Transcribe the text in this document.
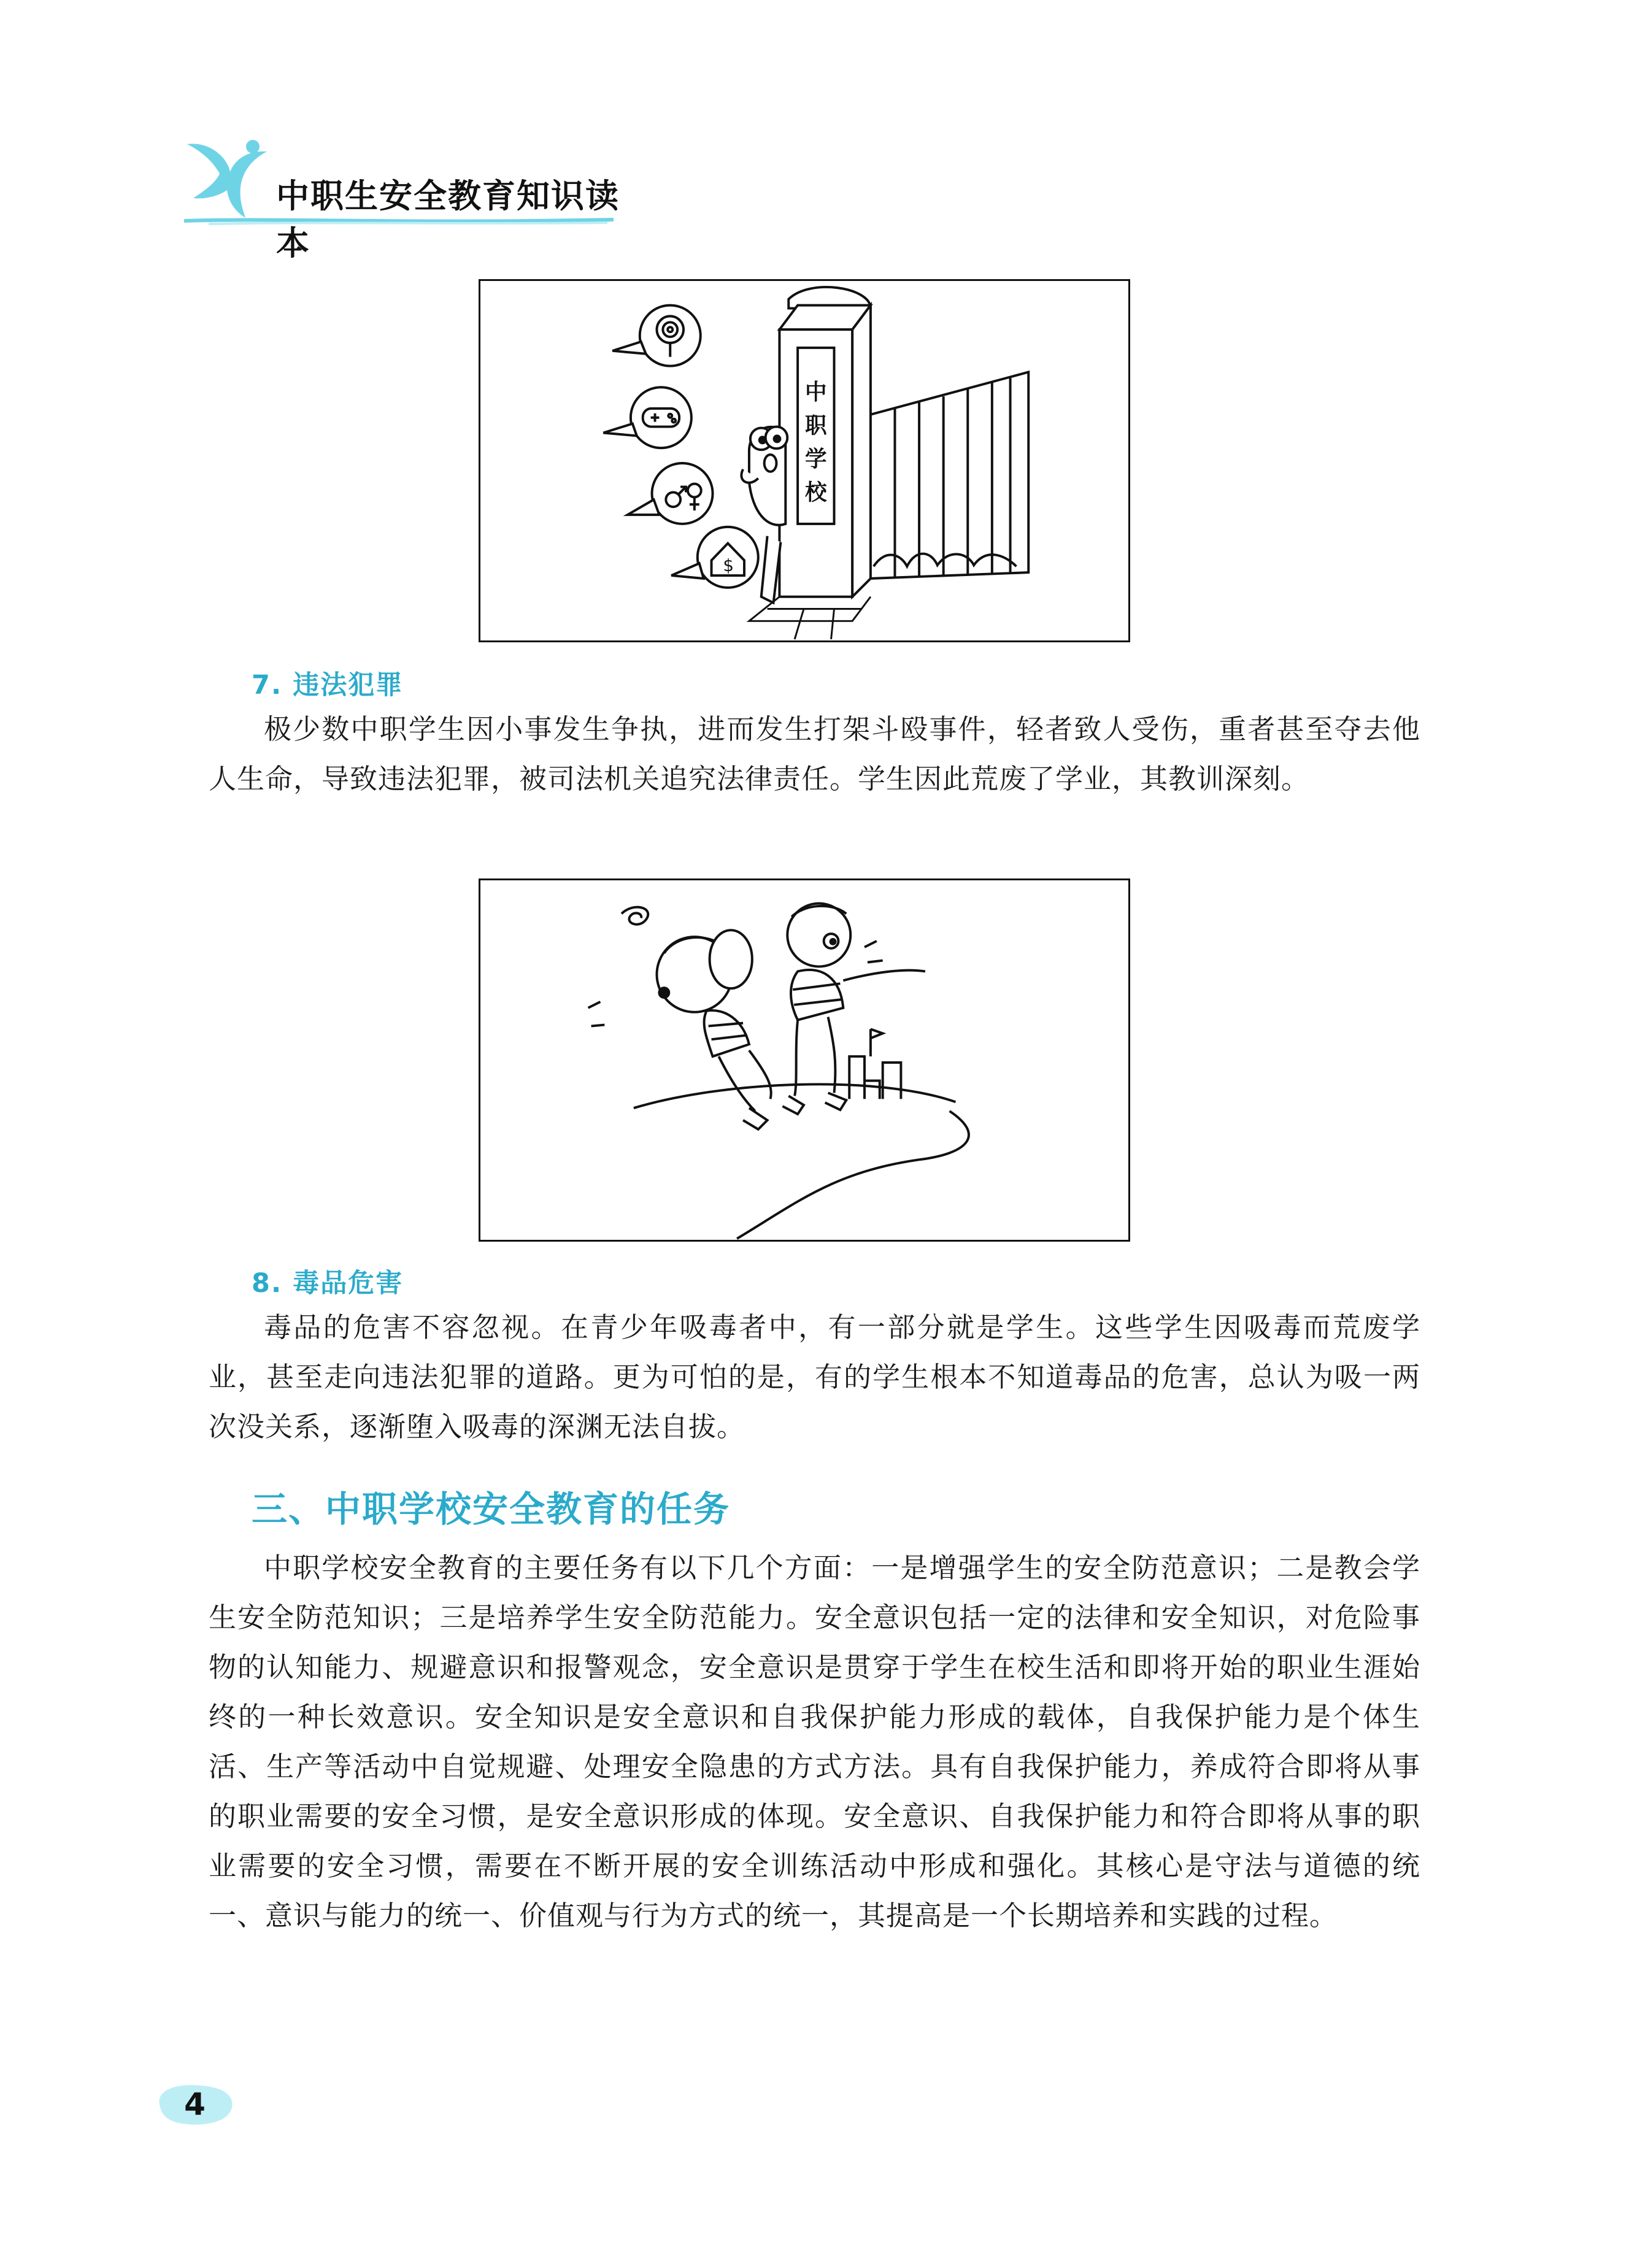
中职生安全教育知识读本
$
中
职
学
校
7. 违法犯罪

极少数中职学生因小事发生争执，进而发生打架斗殴事件，轻者致人受伤，重者甚至夺去他人生命，导致违法犯罪，被司法机关追究法律责任。学生因此荒废了学业，其教训深刻。

8. 毒品危害

毒品的危害不容忽视。在青少年吸毒者中，有一部分就是学生。这些学生因吸毒而荒废学业，甚至走向违法犯罪的道路。更为可怕的是，有的学生根本不知道毒品的危害，总认为吸一两次没关系，逐渐堕入吸毒的深渊无法自拔。

三、中职学校安全教育的任务

中职学校安全教育的主要任务有以下几个方面：一是增强学生的安全防范意识；二是教会学生安全防范知识；三是培养学生安全防范能力。安全意识包括一定的法律和安全知识，对危险事物的认知能力、规避意识和报警观念，安全意识是贯穿于学生在校生活和即将开始的职业生涯始终的一种长效意识。安全知识是安全意识和自我保护能力形成的载体，自我保护能力是个体生活、生产等活动中自觉规避、处理安全隐患的方式方法。具有自我保护能力，养成符合即将从事的职业需要的安全习惯，是安全意识形成的体现。安全意识、自我保护能力和符合即将从事的职业需要的安全习惯，需要在不断开展的安全训练活动中形成和强化。其核心是守法与道德的统一、意识与能力的统一、价值观与行为方式的统一，其提高是一个长期培养和实践的过程。

4
